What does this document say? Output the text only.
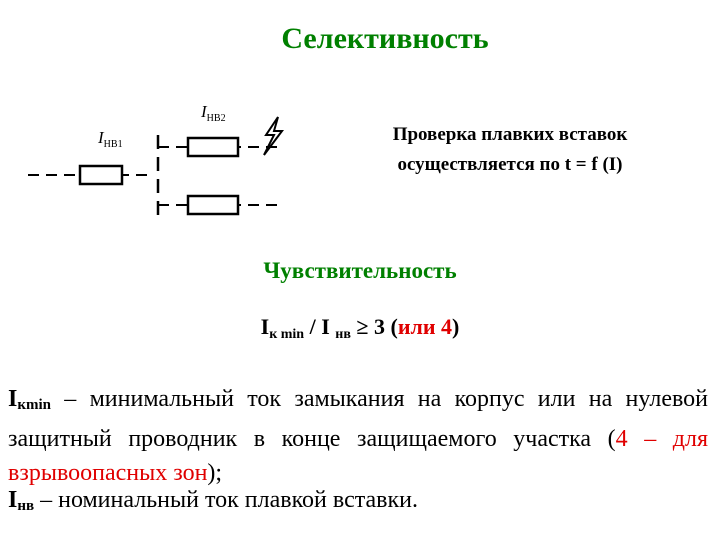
Селективность
$I_{НВ1}$
$I_{НВ2}$
Проверка плавких вставок
осуществляется по t = f (I)
Чувствительность
$I_{к min}$ / I $_{нв}$ ≥ 3 (или 4)
$I_{кmin}$ – минимальный ток замыкания на корпус или на нулевой защитный проводник в конце защищаемого участка (4 – для взрывоопасных зон);
$I_{нв}$ – номинальный ток плавкой вставки.
